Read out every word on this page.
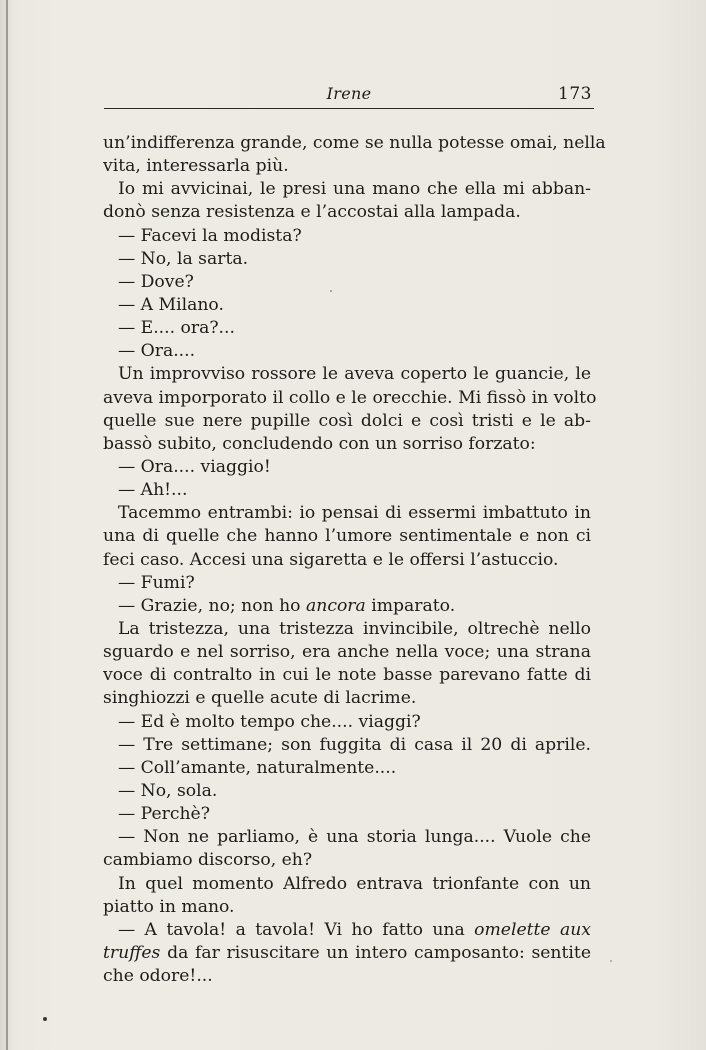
Irene	173
un’indifferenza grande, come se nulla potesse omai, nella
vita, interessarla più.
Io mi avvicinai, le presi una mano che ella mi abban-
donò senza resistenza e l’accostai alla lampada.
— Facevi la modista?
— No, la sarta.
— Dove?
— A Milano.
— E.... ora?...
— Ora....
Un improvviso rossore le aveva coperto le guancie, le
aveva imporporato il collo e le orecchie. Mi fissò in volto
quelle sue nere pupille così dolci e così tristi e le ab-
bassò subito, concludendo con un sorriso forzato:
— Ora.... viaggio!
— Ah!...
Tacemmo entrambi: io pensai di essermi imbattuto in
una di quelle che hanno l’umore sentimentale e non ci
feci caso. Accesi una sigaretta e le offersi l’astuccio.
— Fumi?
— Grazie, no; non ho ancora imparato.
La tristezza, una tristezza invincibile, oltrechè nello
sguardo e nel sorriso, era anche nella voce; una strana
voce di contralto in cui le note basse parevano fatte di
singhiozzi e quelle acute di lacrime.
— Ed è molto tempo che.... viaggi?
— Tre settimane; son fuggita di casa il 20 di aprile.
— Coll’amante, naturalmente....
— No, sola.
— Perchè?
— Non ne parliamo, è una storia lunga.... Vuole che
cambiamo discorso, eh?
In quel momento Alfredo entrava trionfante con un
piatto in mano.
— A tavola! a tavola! Vi ho fatto una omelette aux
truffes da far risuscitare un intero camposanto: sentite
che odore!...
